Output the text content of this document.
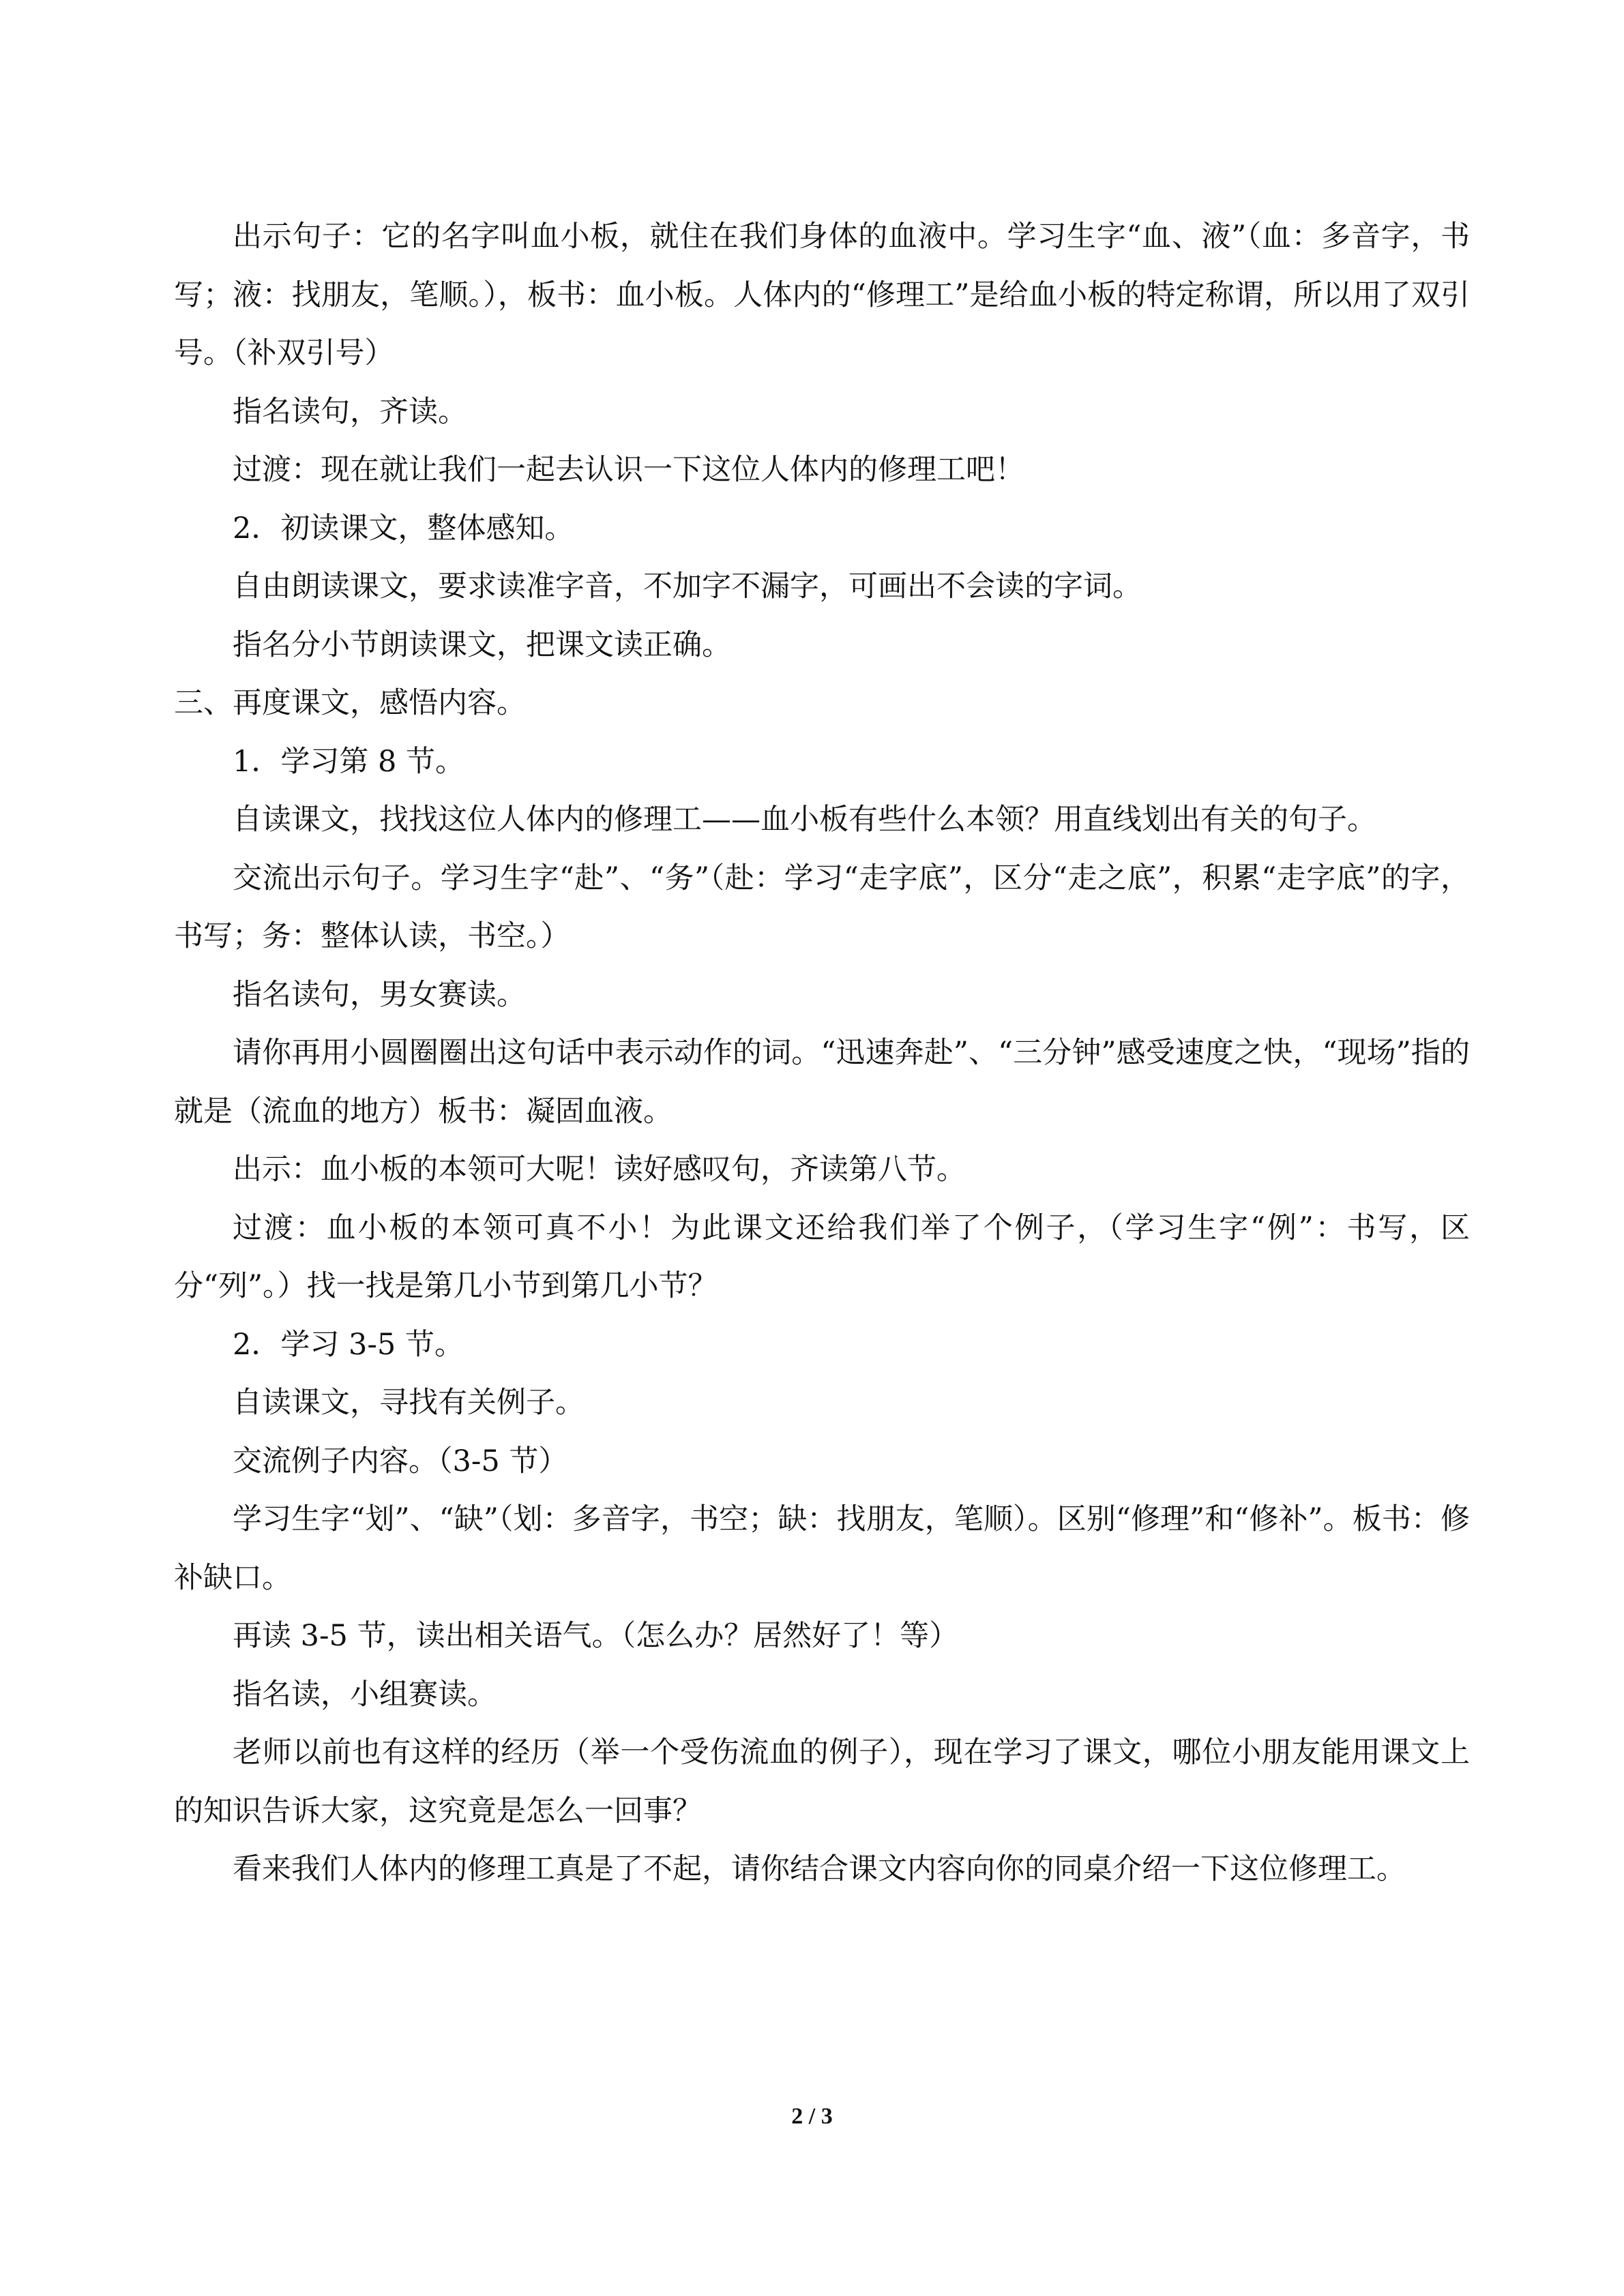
出示句子：它的名字叫血小板，就住在我们身体的血液中。学习生字“血、液”（血：多音字，书写；液：找朋友，笔顺。），板书：血小板。人体内的“修理工”是给血小板的特定称谓，所以用了双引号。（补双引号）

指名读句，齐读。

过渡：现在就让我们一起去认识一下这位人体内的修理工吧！

2．初读课文，整体感知。

自由朗读课文，要求读准字音，不加字不漏字，可画出不会读的字词。

指名分小节朗读课文，把课文读正确。

三、再度课文，感悟内容。

1．学习第 8 节。

自读课文，找找这位人体内的修理工——血小板有些什么本领？用直线划出有关的句子。

交流出示句子。学习生字“赴”、“务”（赴：学习“走字底”，区分“走之底”，积累“走字底”的字，书写；务：整体认读，书空。）

指名读句，男女赛读。

请你再用小圆圈圈出这句话中表示动作的词。“迅速奔赴”、“三分钟”感受速度之快，“现场”指的就是（流血的地方）板书：凝固血液。

出示：血小板的本领可大呢！读好感叹句，齐读第八节。

过渡：血小板的本领可真不小！为此课文还给我们举了个例子，（学习生字“例”：书写，区分“列”。）找一找是第几小节到第几小节？

2．学习 3-5 节。

自读课文，寻找有关例子。

交流例子内容。（3-5 节）

学习生字“划”、“缺”（划：多音字，书空；缺：找朋友，笔顺）。区别“修理”和“修补”。板书：修补缺口。

再读 3-5 节，读出相关语气。（怎么办？居然好了！等）

指名读，小组赛读。

老师以前也有这样的经历（举一个受伤流血的例子），现在学习了课文，哪位小朋友能用课文上的知识告诉大家，这究竟是怎么一回事？

看来我们人体内的修理工真是了不起，请你结合课文内容向你的同桌介绍一下这位修理工。

2 / 3
